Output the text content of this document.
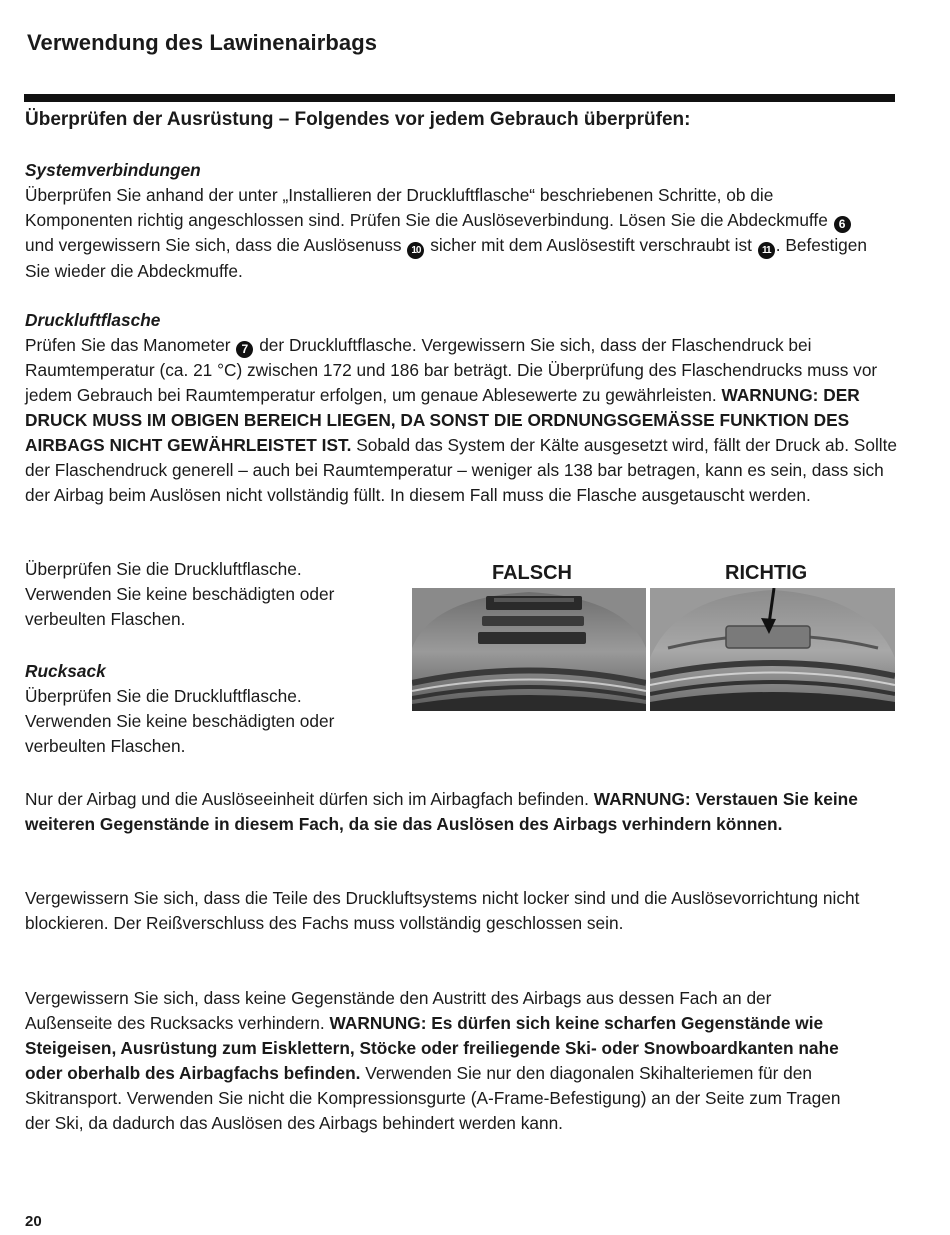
Verwendung des Lawinenairbags
Überprüfen der Ausrüstung – Folgendes vor jedem Gebrauch überprüfen:
Systemverbindungen
Überprüfen Sie anhand der unter „Installieren der Druckluftflasche“ beschriebenen Schritte, ob die Komponenten richtig angeschlossen sind. Prüfen Sie die Auslöseverbindung. Lösen Sie die Abdeckmuffe 6 und vergewissern Sie sich, dass die Auslösenuss 10 sicher mit dem Auslösestift verschraubt ist 11 . Befestigen Sie wieder die Abdeckmuffe.
Druckluftflasche
Prüfen Sie das Manometer 7 der Druckluftflasche. Vergewissern Sie sich, dass der Flaschendruck bei Raumtemperatur (ca. 21 °C) zwischen 172 und 186 bar beträgt. Die Überprüfung des Flaschendrucks muss vor jedem Gebrauch bei Raumtemperatur erfolgen, um genaue Ablesewerte zu gewährleisten. WARNUNG: DER DRUCK MUSS IM OBIGEN BEREICH LIEGEN, DA SONST DIE ORDNUNGSGEMÄSSE FUNKTION DES AIRBAGS NICHT GEWÄHRLEISTET IST. Sobald das System der Kälte ausgesetzt wird, fällt der Druck ab. Sollte der Flaschendruck generell – auch bei Raumtemperatur – weniger als 138 bar betragen, kann es sein, dass sich der Airbag beim Auslösen nicht vollständig füllt. In diesem Fall muss die Flasche ausgetauscht werden.
Überprüfen Sie die Druckluftflasche. Verwenden Sie keine beschädigten oder verbeulten Flaschen.
Rucksack
Überprüfen Sie die Druckluftflasche. Verwenden Sie keine beschädigten oder verbeulten Flaschen.
FALSCH	RICHTIG
Nur der Airbag und die Auslöseeinheit dürfen sich im Airbagfach befinden. WARNUNG: Verstauen Sie keine weiteren Gegenstände in diesem Fach, da sie das Auslösen des Airbags verhindern können.
Vergewissern Sie sich, dass die Teile des Druckluftsystems nicht locker sind und die Auslösevorrichtung nicht blockieren. Der Reißverschluss des Fachs muss vollständig geschlossen sein.
Vergewissern Sie sich, dass keine Gegenstände den Austritt des Airbags aus dessen Fach an der Außenseite des Rucksacks verhindern. WARNUNG: Es dürfen sich keine scharfen Gegenstände wie Steigeisen, Ausrüstung zum Eisklettern, Stöcke oder freiliegende Ski- oder Snowboardkanten nahe oder oberhalb des Airbagfachs befinden. Verwenden Sie nur den diagonalen Skihalteriemen für den Skitransport. Verwenden Sie nicht die Kompressionsgurte (A-Frame-Befestigung) an der Seite zum Tragen der Ski, da dadurch das Auslösen des Airbags behindert werden kann.
20
